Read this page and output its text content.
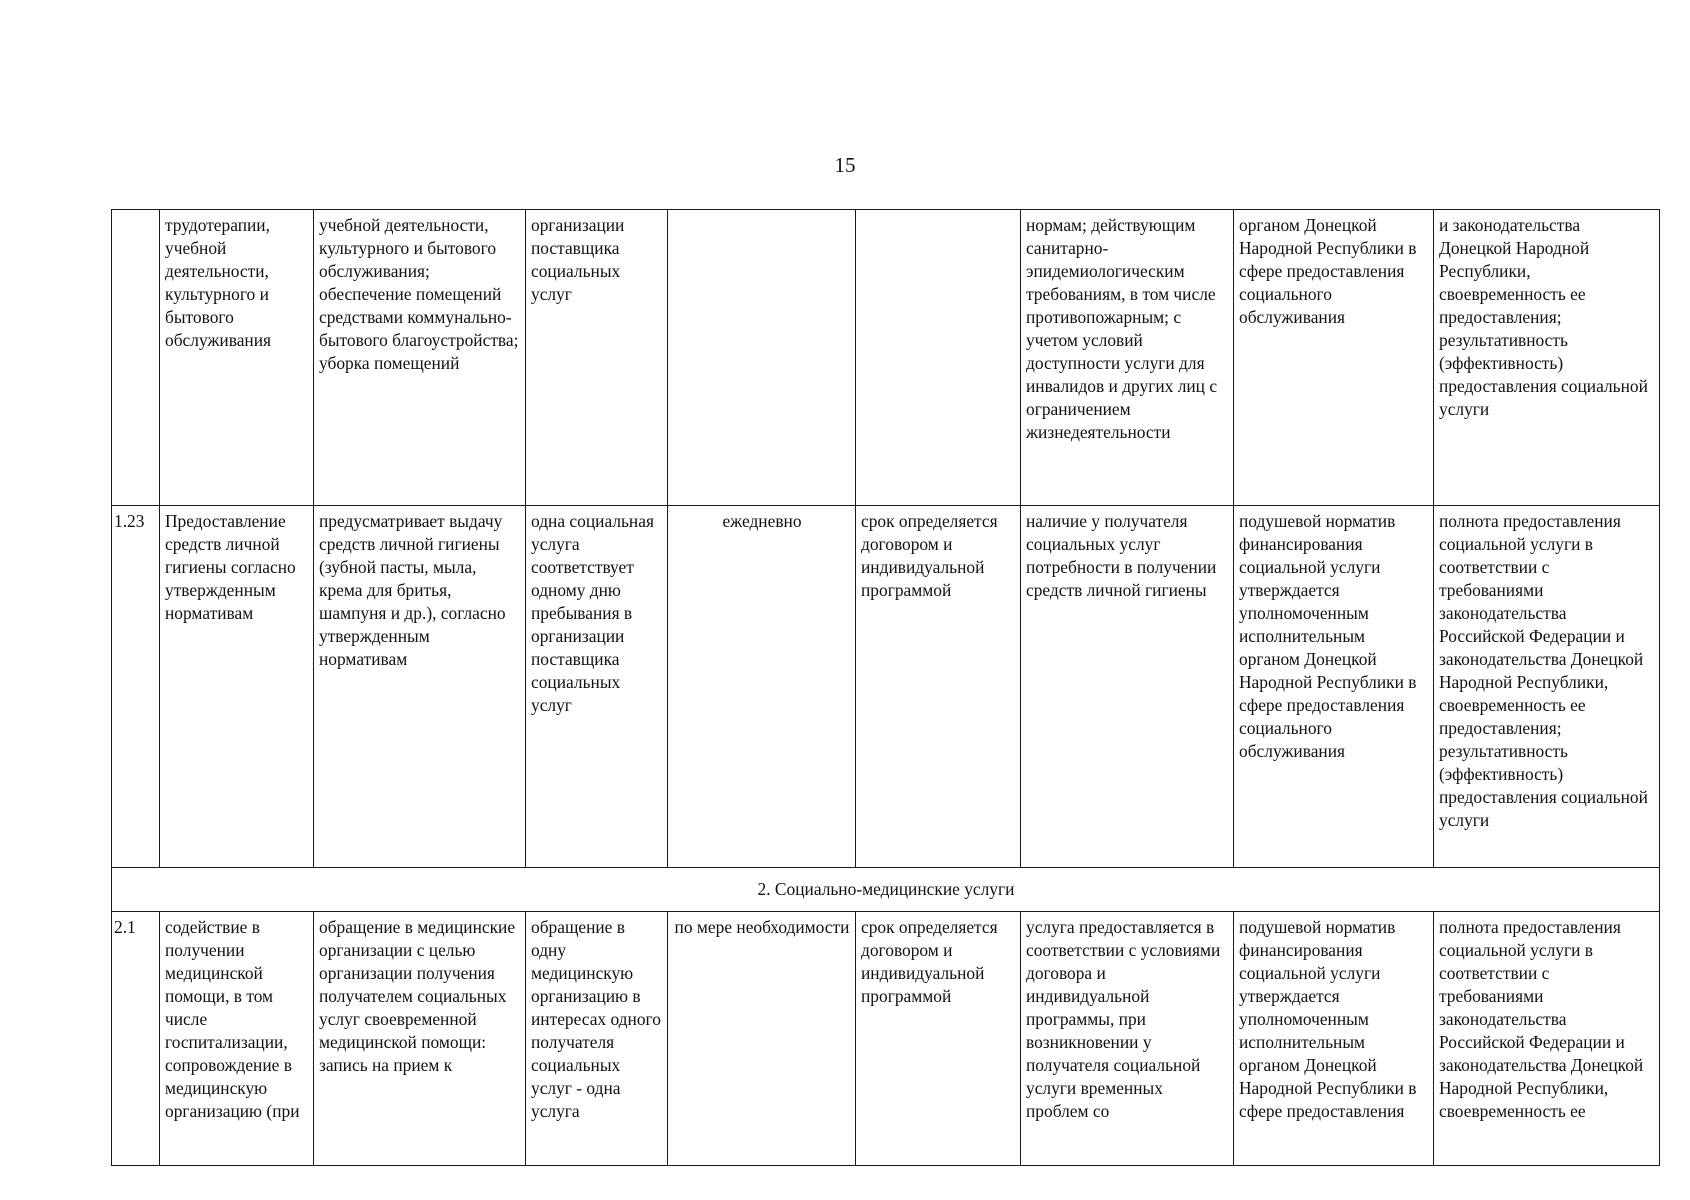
15
	трудотерапии, учебной деятельности, культурного и бытового обслуживания	учебной деятельности, культурного и бытового обслуживания; обеспечение помещений средствами коммунально-бытового благоустройства; уборка помещений	организации поставщика социальных услуг			нормам; действующим санитарно-эпидемиологическим требованиям, в том числе противопожарным; с учетом условий доступности услуги для инвалидов и других лиц с ограничением жизнедеятельности	органом Донецкой Народной Республики в сфере предоставления социального обслуживания	и законодательства Донецкой Народной Республики, своевременность ее предоставления; результативность (эффективность) предоставления социальной услуги
1.23	Предоставление средств личной гигиены согласно утвержденным нормативам	предусматривает выдачу средств личной гигиены (зубной пасты, мыла, крема для бритья, шампуня и др.), согласно утвержденным нормативам	одна социальная услуга соответствует одному дню пребывания в организации поставщика социальных услуг	ежедневно	срок определяется договором и индивидуальной программой	наличие у получателя социальных услуг потребности в получении средств личной гигиены	подушевой норматив финансирования социальной услуги утверждается уполномоченным исполнительным органом Донецкой Народной Республики в сфере предоставления социального обслуживания	полнота предоставления социальной услуги в соответствии с требованиями законодательства Российской Федерации и законодательства Донецкой Народной Республики, своевременность ее предоставления; результативность (эффективность) предоставления социальной услуги
2. Социально-медицинские услуги								
2.1	содействие в получении медицинской помощи, в том числе госпитализации, сопровождение в медицинскую организацию (при	обращение в медицинские организации с целью организации получения получателем социальных услуг своевременной медицинской помощи: запись на прием к	обращение в одну медицинскую организацию в интересах одного получателя социальных услуг - одна услуга	по мере необходимости	срок определяется договором и индивидуальной программой	услуга предоставляется в соответствии с условиями договора и индивидуальной программы, при возникновении у получателя социальной услуги временных проблем со	подушевой норматив финансирования социальной услуги утверждается уполномоченным исполнительным органом Донецкой Народной Республики в сфере предоставления	полнота предоставления социальной услуги в соответствии с требованиями законодательства Российской Федерации и законодательства Донецкой Народной Республики, своевременность ее
